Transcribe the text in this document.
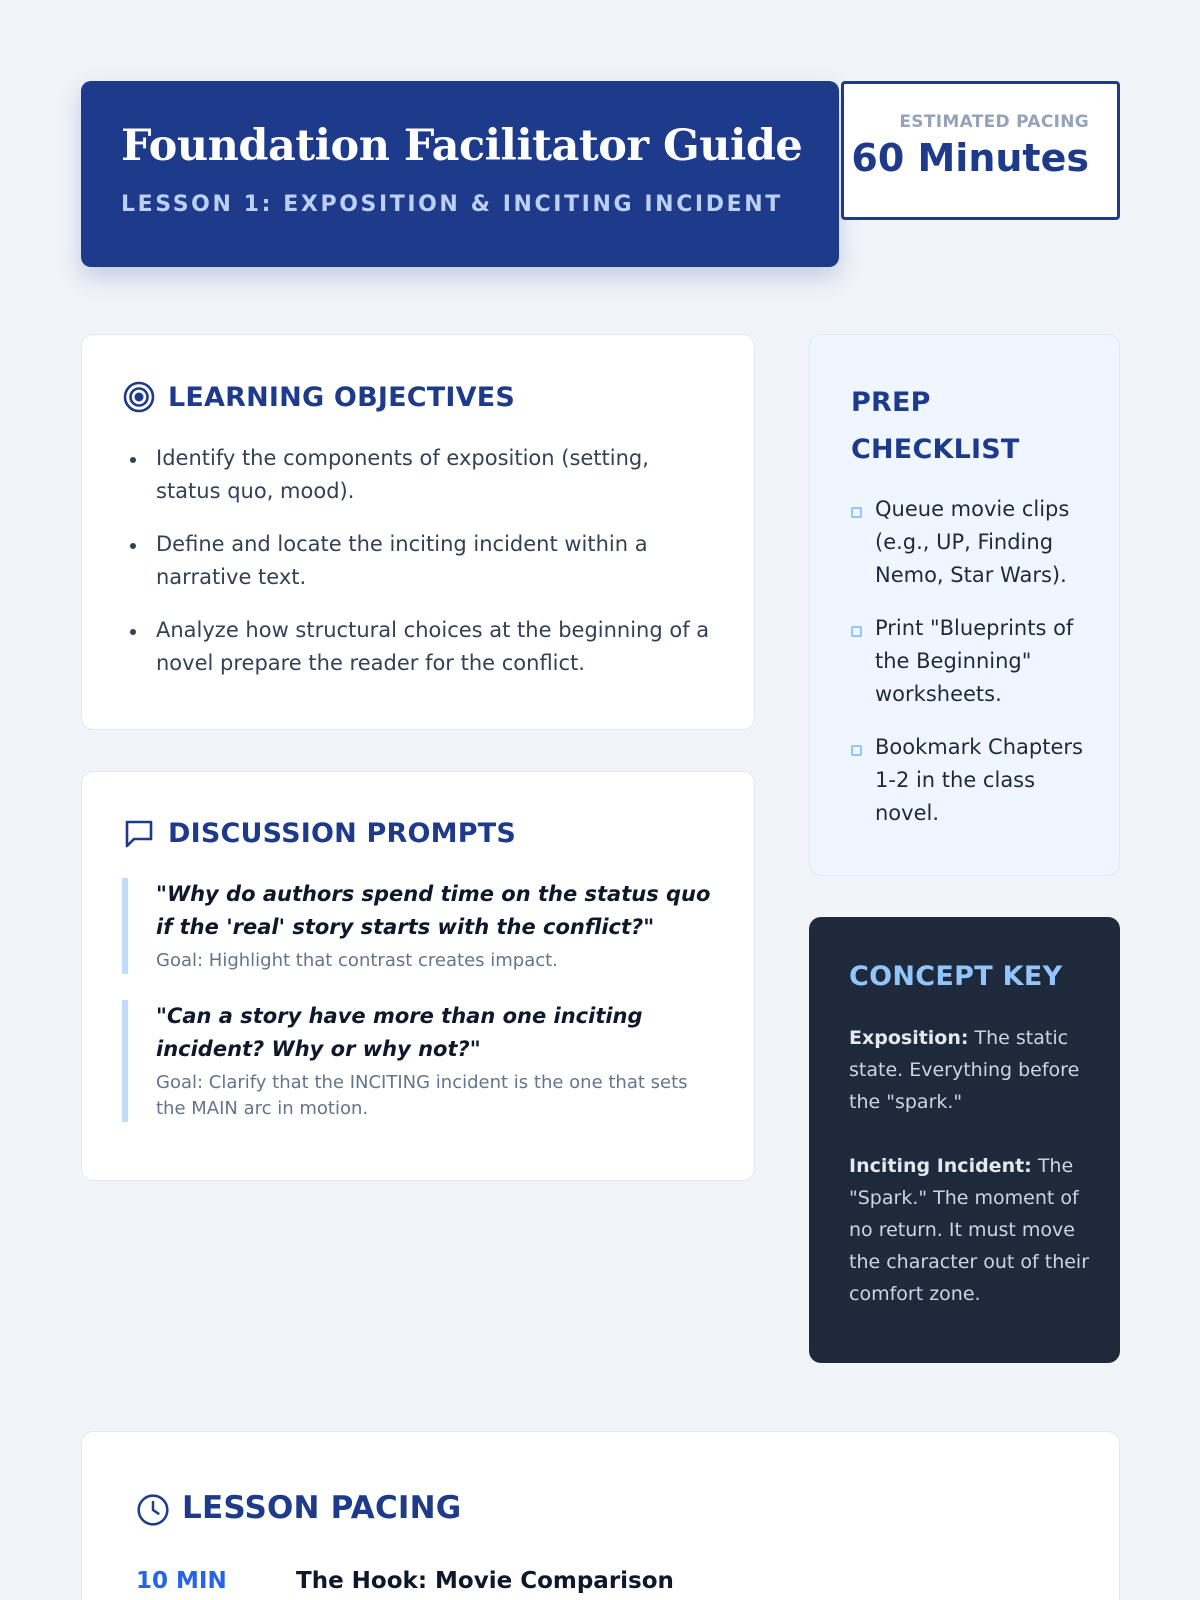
Foundation Facilitator Guide
LESSON 1: EXPOSITION & INCITING INCIDENT
ESTIMATED PACING
60 Minutes
LEARNING OBJECTIVES
Identify the components of exposition (setting, status quo, mood).
Define and locate the inciting incident within a narrative text.
Analyze how structural choices at the beginning of a novel prepare the reader for the conflict.
DISCUSSION PROMPTS
"Why do authors spend time on the status quo if the 'real' story starts with the conflict?"
Goal: Highlight that contrast creates impact.
"Can a story have more than one inciting incident? Why or why not?"
Goal: Clarify that the INCITING incident is the one that sets the MAIN arc in motion.
PREP CHECKLIST
Queue movie clips (e.g., UP, Finding Nemo, Star Wars).
Print "Blueprints of the Beginning" worksheets.
Bookmark Chapters 1-2 in the class novel.
CONCEPT KEY

Exposition: The static state. Everything before the "spark."

Inciting Incident: The "Spark." The moment of no return. It must move the character out of their comfort zone.

LESSON PACING
10 MIN	The Hook: Movie Comparison
